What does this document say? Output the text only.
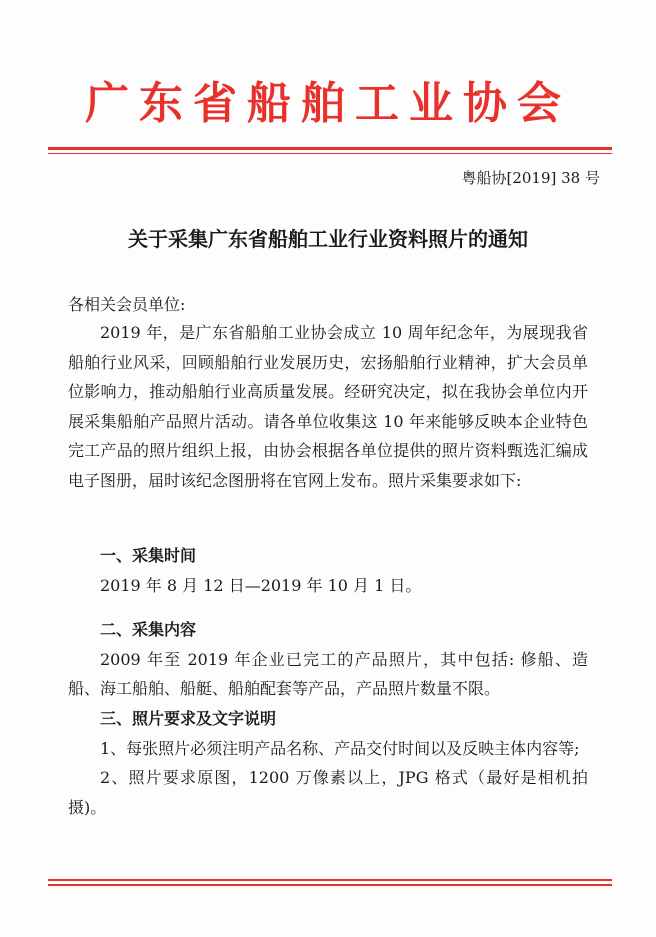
广东省船舶工业协会
粤船协[2019] 38 号
关于采集广东省船舶工业行业资料照片的通知
各相关会员单位:
2019 年，是广东省船舶工业协会成立 10 周年纪念年，为展现我省船舶行业风采，回顾船舶行业发展历史，宏扬船舶行业精神，扩大会员单位影响力，推动船舶行业高质量发展。经研究决定，拟在我协会单位内开展采集船舶产品照片活动。请各单位收集这 10 年来能够反映本企业特色完工产品的照片组织上报，由协会根据各单位提供的照片资料甄选汇编成电子图册，届时该纪念图册将在官网上发布。照片采集要求如下:
一、采集时间
2019 年 8 月 12 日—2019 年 10 月 1 日。
二、采集内容
2009 年至 2019 年企业已完工的产品照片，其中包括: 修船、造船、海工船舶、船艇、船舶配套等产品，产品照片数量不限。
三、照片要求及文字说明
1、每张照片必须注明产品名称、产品交付时间以及反映主体内容等;
2、照片要求原图，1200 万像素以上，JPG 格式（最好是相机拍摄)。
